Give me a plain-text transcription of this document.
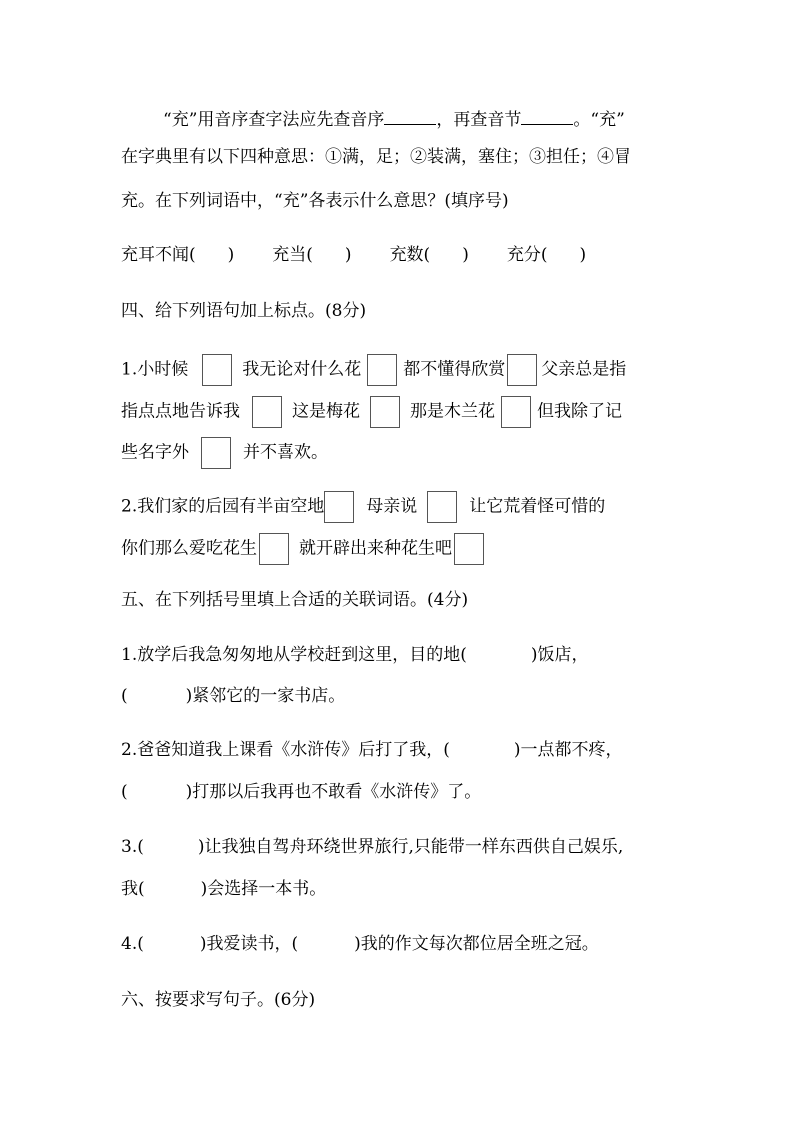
“充”用音序查字法应先查音序	，再查音节	。“充”
在字典里有以下四种意思：①满，足；②装满，塞住；③担任；④冒
充。在下列词语中，“充”各表示什么意思？(填序号)
充耳不闻( ) 充当( ) 充数( ) 充分( )
四、给下列语句加上标点。(8分)
1.小时候	我无论对什么花 都不懂得欣赏 父亲总是指
指点点地告诉我	这是梅花	那是木兰花 但我除了记
些名字外	并不喜欢。
2.我们家的后园有半亩空地 母亲说	让它荒着怪可惜的
你们那么爱吃花生 就开辟出来种花生吧
五、在下列括号里填上合适的关联词语。(4分)
1.放学后我急匆匆地从学校赶到这里，目的地(	)饭店，
(	)紧邻它的一家书店。
2.爸爸知道我上课看《水浒传》后打了我，(	)一点都不疼，
(	)打那以后我再也不敢看《水浒传》了。
3.(	)让我独自驾舟环绕世界旅行,只能带一样东西供自己娱乐,
我(	)会选择一本书。
4.(	)我爱读书，(	)我的作文每次都位居全班之冠。
六、按要求写句子。(6分)
